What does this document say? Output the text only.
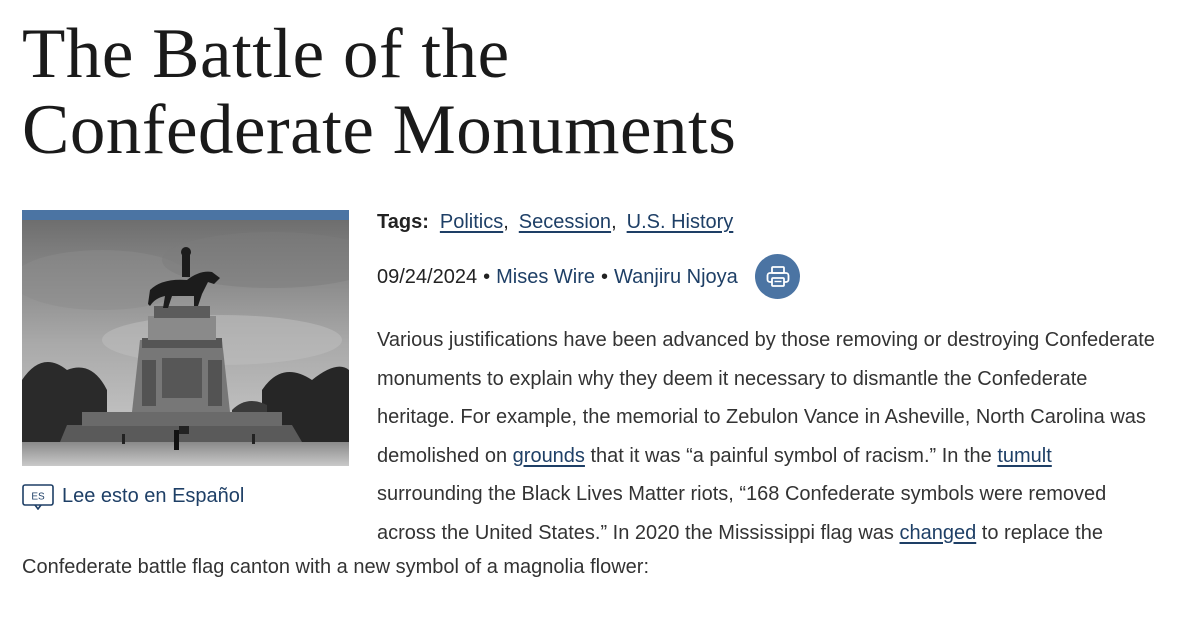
The Battle of the
Confederate Monuments
ES Lee esto en Español
Tags: Politics , Secession , U.S. History
09/24/2024 • Mises Wire • Wanjiru Njoya
Various justifications have been advanced by those removing or destroying Confederate
monuments to explain why they deem it necessary to dismantle the Confederate
heritage. For example, the memorial to Zebulon Vance in Asheville, North Carolina was
demolished on grounds that it was “a painful symbol of racism.” In the tumult
surrounding the Black Lives Matter riots, “168 Confederate symbols were removed
across the United States.” In 2020 the Mississippi flag was changed to replace the
Confederate battle flag canton with a new symbol of a magnolia flower:
